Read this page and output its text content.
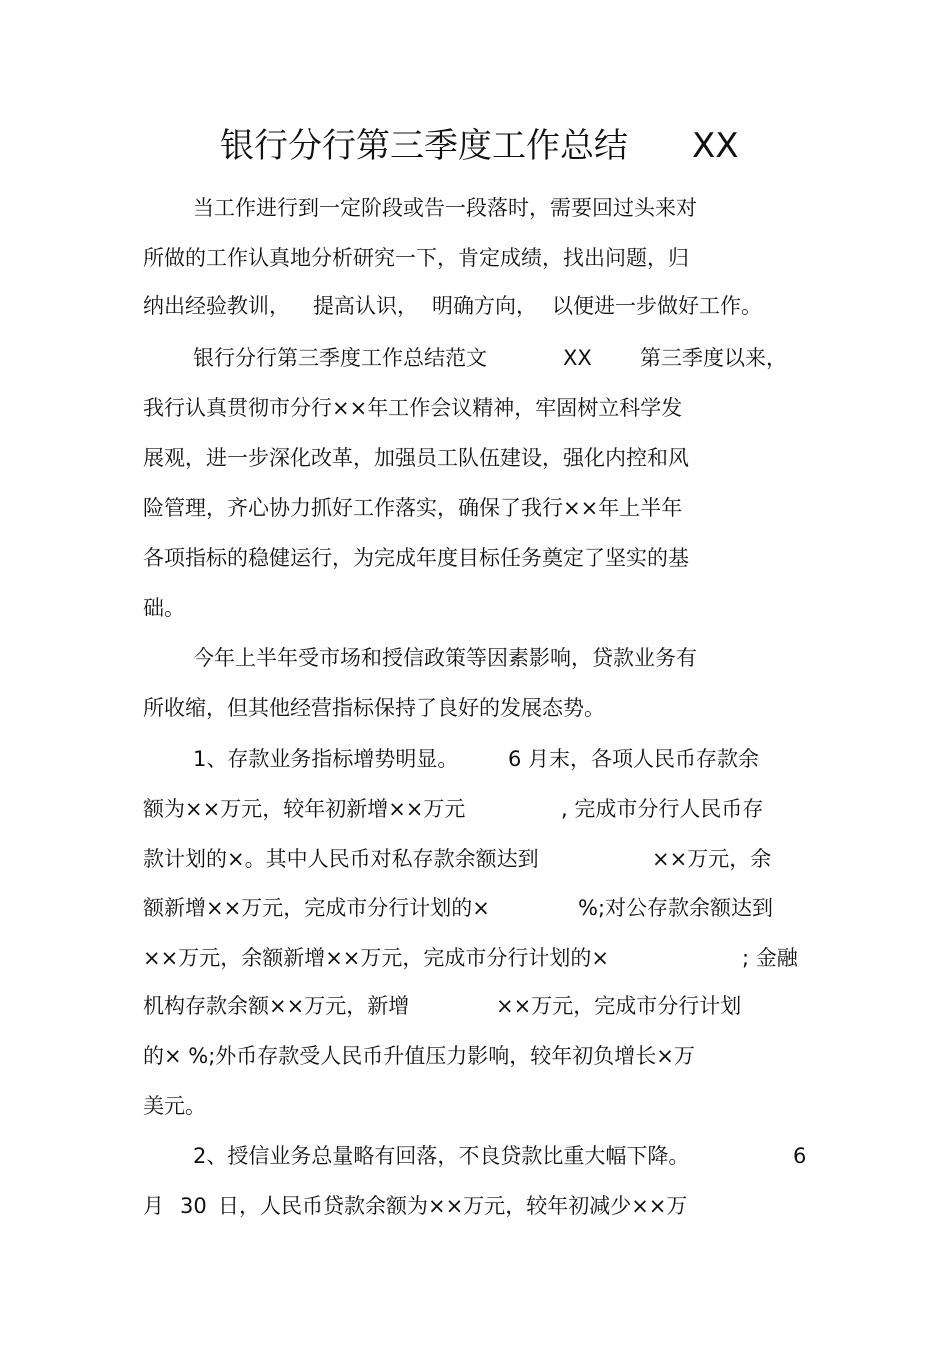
银行分行第三季度工作总结 XX
当工作进行到一定阶段或告一段落时，需要回过头来对
所做的工作认真地分析研究一下，肯定成绩，找出问题，归
纳出经验教训， 提高认识， 明确方向， 以便进一步做好工作。
银行分行第三季度工作总结范文	XX 第三季度以来，
我行认真贯彻市分行××年工作会议精神，牢固树立科学发
展观，进一步深化改革，加强员工队伍建设，强化内控和风
险管理，齐心协力抓好工作落实，确保了我行××年上半年
各项指标的稳健运行，为完成年度目标任务奠定了坚实的基
础。
今年上半年受市场和授信政策等因素影响，贷款业务有
所收缩，但其他经营指标保持了良好的发展态势。
1、存款业务指标增势明显。 6 月末，各项人民币存款余
额为××万元，较年初新增××万元	, 完成市分行人民币存
款计划的×。其中人民币对私存款余额达到	××万元，余
额新增××万元，完成市分行计划的×	%;对公存款余额达到
××万元，余额新增××万元，完成市分行计划的×	; 金融
机构存款余额××万元，新增	××万元，完成市分行计划
的× %;外币存款受人民币升值压力影响，较年初负增长×万
美元。
2、授信业务总量略有回落，不良贷款比重大幅下降。	6
月 30 日，人民币贷款余额为××万元，较年初减少××万
